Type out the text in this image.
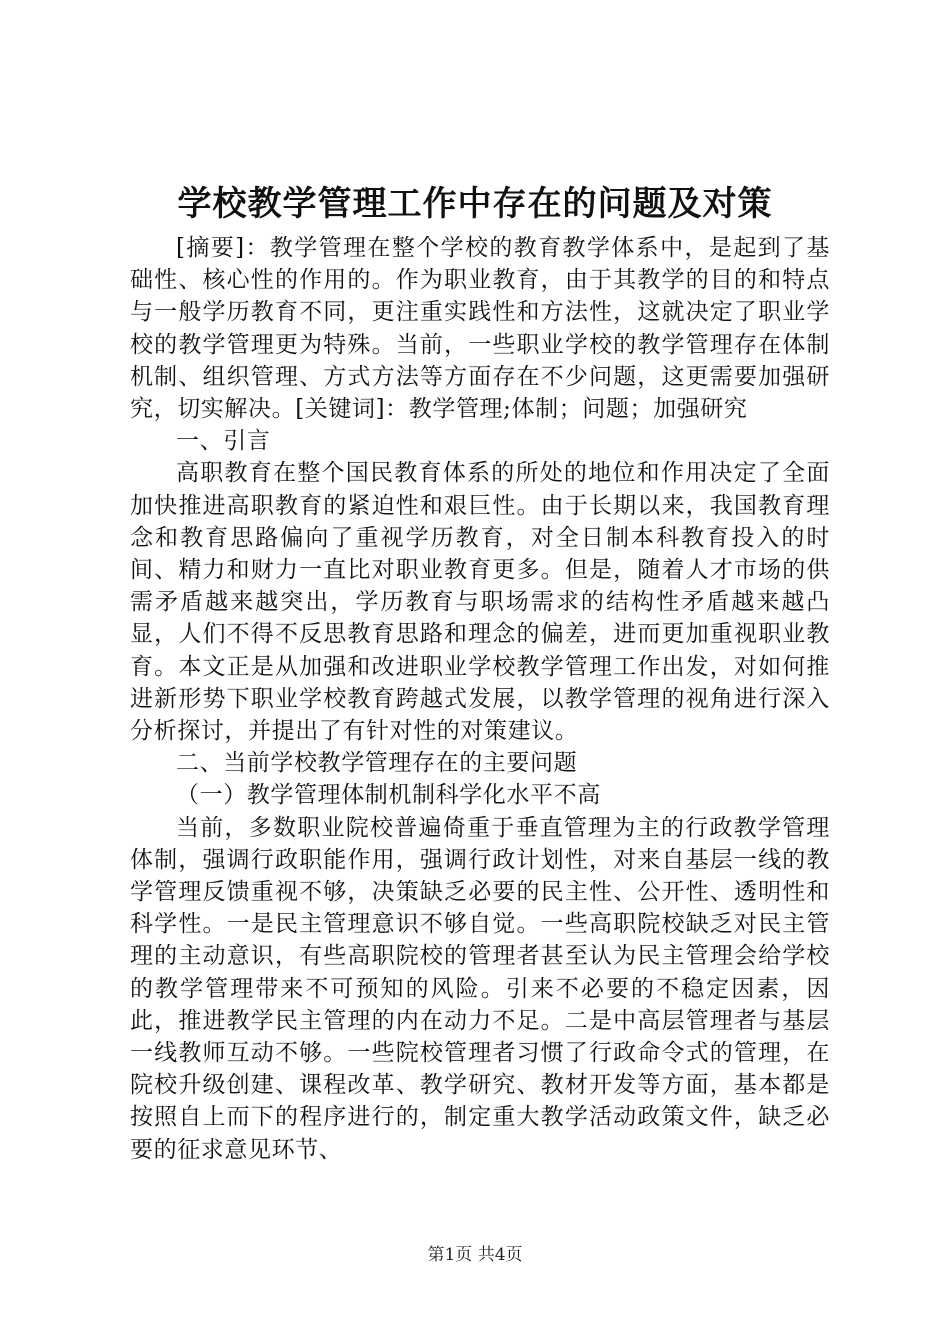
学校教学管理工作中存在的问题及对策

[摘要]：教学管理在整个学校的教育教学体系中，是起到了基础性、核心性的作用的。作为职业教育，由于其教学的目的和特点与一般学历教育不同，更注重实践性和方法性，这就决定了职业学校的教学管理更为特殊。当前，一些职业学校的教学管理存在体制机制、组织管理、方式方法等方面存在不少问题，这更需要加强研究，切实解决。[关键词]：教学管理;体制；问题；加强研究

一、引言

高职教育在整个国民教育体系的所处的地位和作用决定了全面加快推进高职教育的紧迫性和艰巨性。由于长期以来，我国教育理念和教育思路偏向了重视学历教育，对全日制本科教育投入的时间、精力和财力一直比对职业教育更多。但是，随着人才市场的供需矛盾越来越突出，学历教育与职场需求的结构性矛盾越来越凸显，人们不得不反思教育思路和理念的偏差，进而更加重视职业教育。本文正是从加强和改进职业学校教学管理工作出发，对如何推进新形势下职业学校教育跨越式发展，以教学管理的视角进行深入分析探讨，并提出了有针对性的对策建议。

二、当前学校教学管理存在的主要问题

（一）教学管理体制机制科学化水平不高

当前，多数职业院校普遍倚重于垂直管理为主的行政教学管理体制，强调行政职能作用，强调行政计划性，对来自基层一线的教学管理反馈重视不够，决策缺乏必要的民主性、公开性、透明性和科学性。一是民主管理意识不够自觉。一些高职院校缺乏对民主管理的主动意识，有些高职院校的管理者甚至认为民主管理会给学校的教学管理带来不可预知的风险。引来不必要的不稳定因素，因此，推进教学民主管理的内在动力不足。二是中高层管理者与基层一线教师互动不够。一些院校管理者习惯了行政命令式的管理，在院校升级创建、课程改革、教学研究、教材开发等方面，基本都是按照自上而下的程序进行的，制定重大教学活动政策文件，缺乏必要的征求意见环节、

第1页 共4页
